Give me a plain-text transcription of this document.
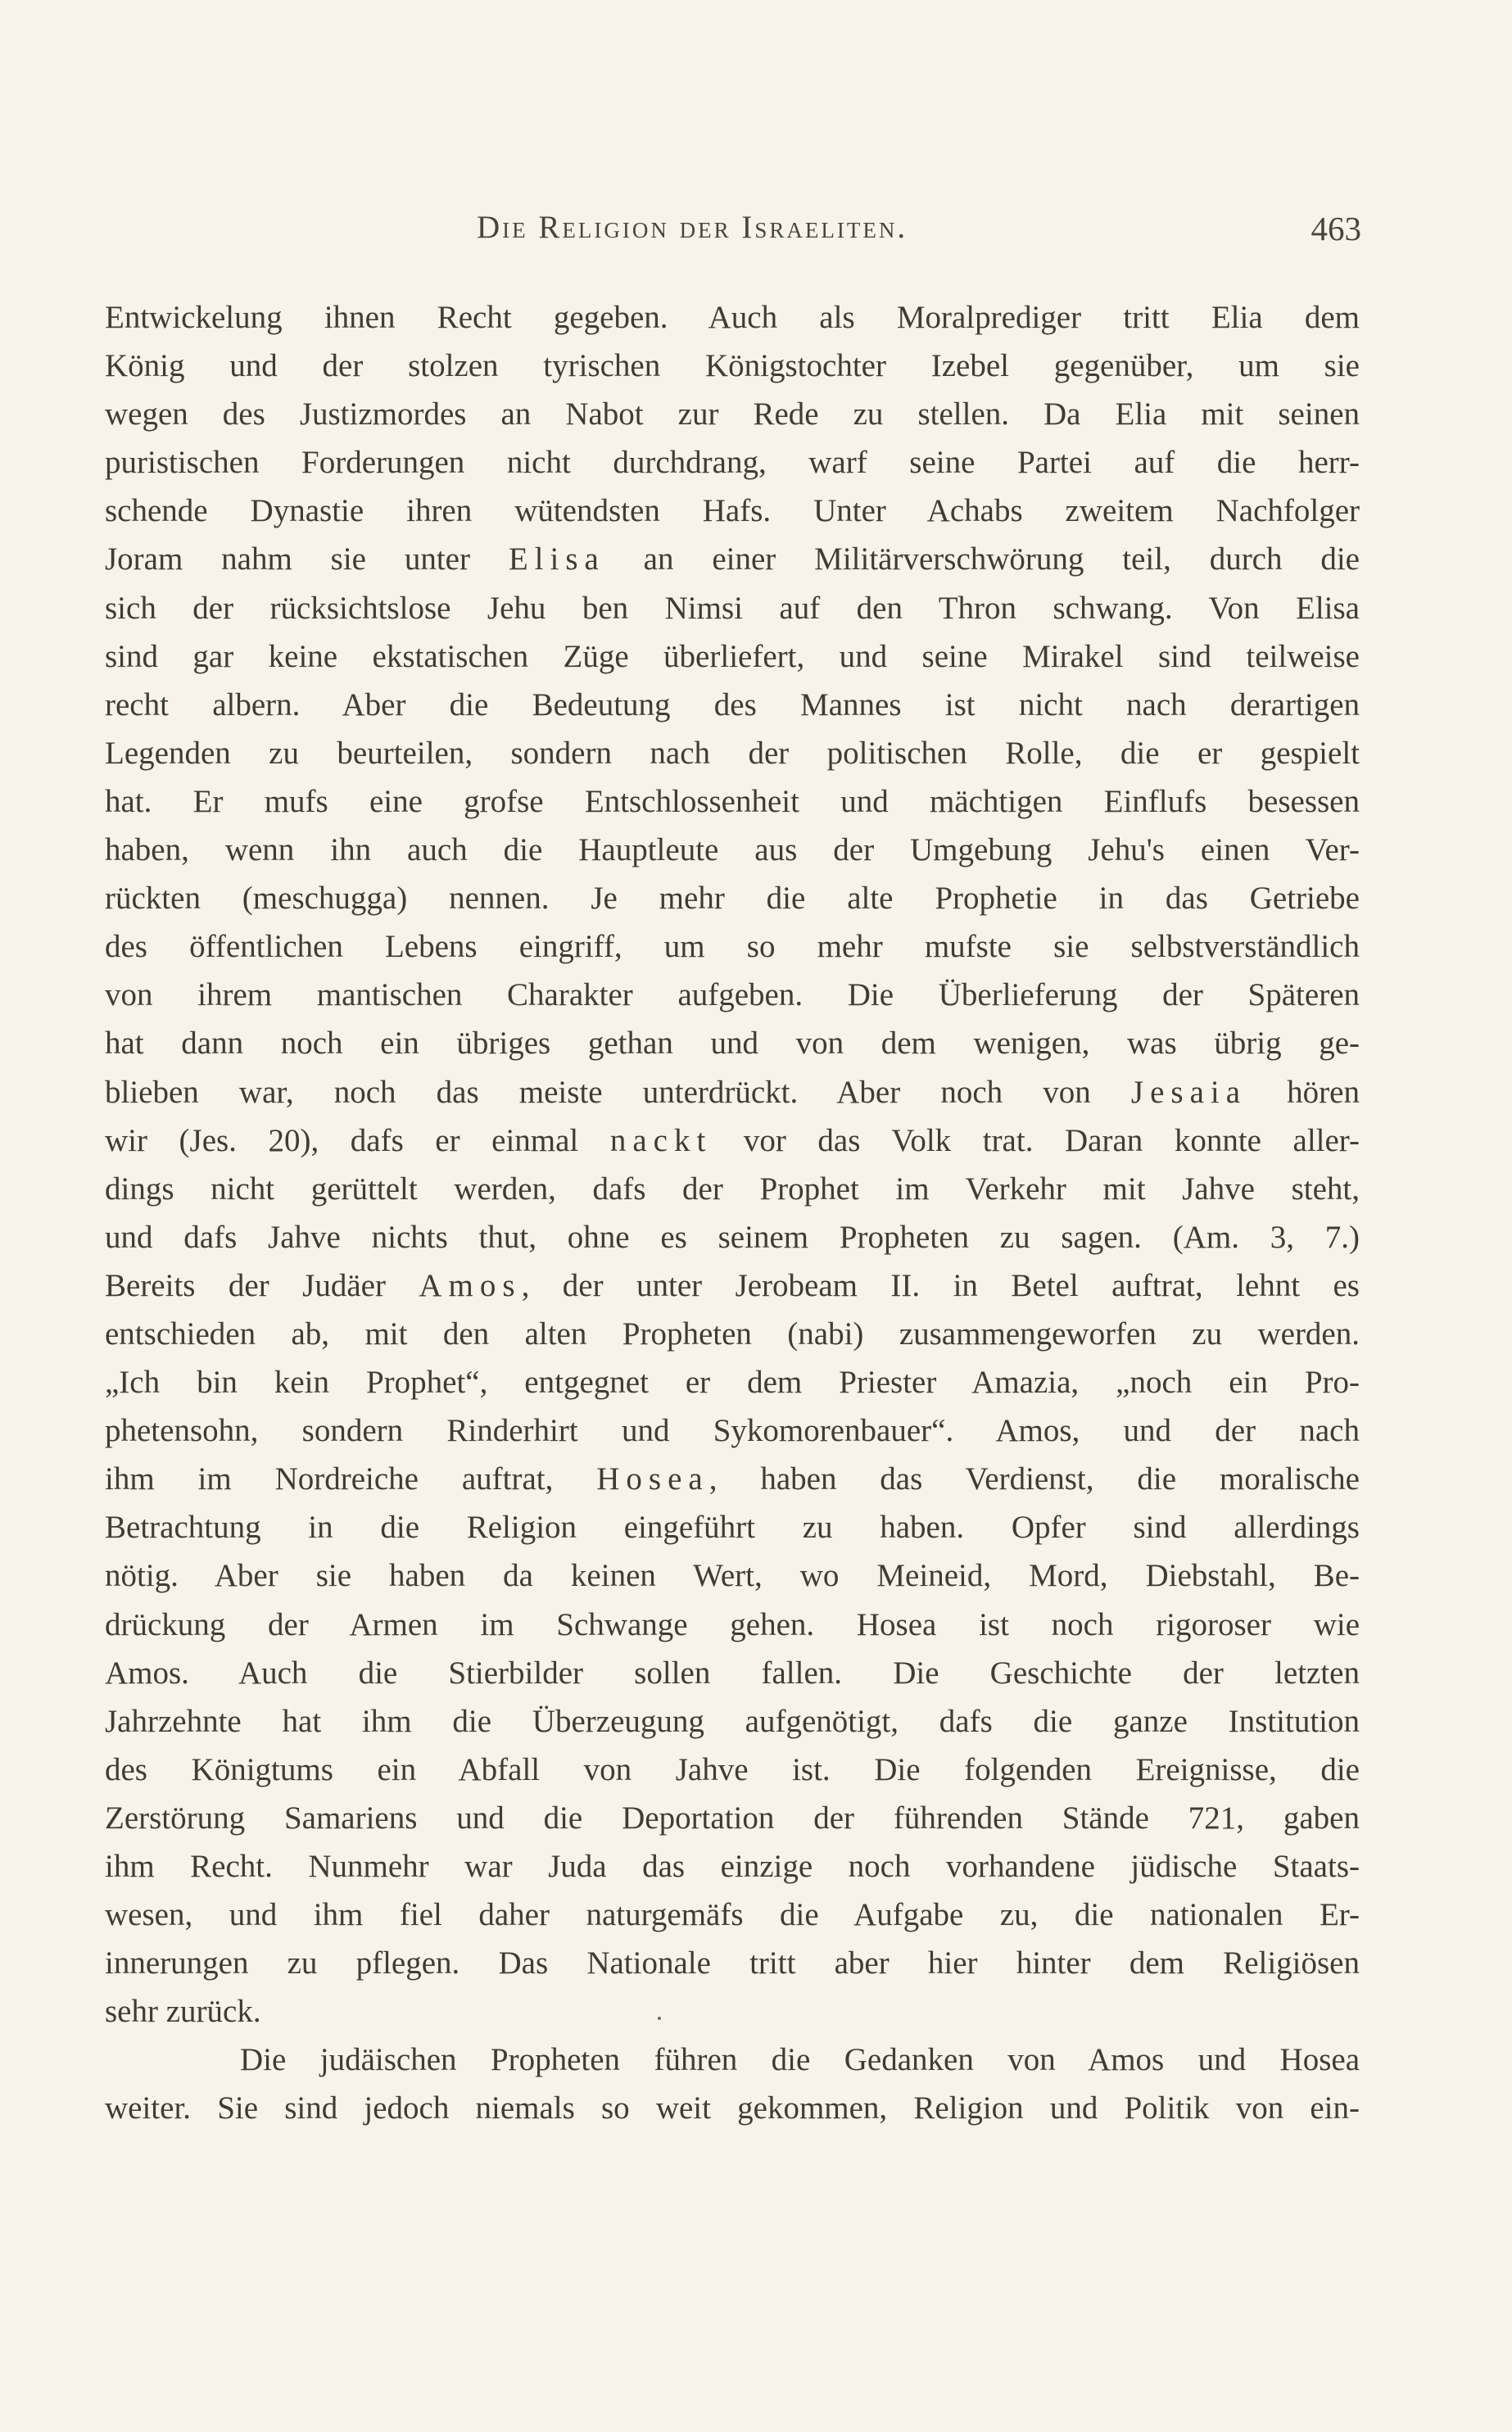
Die Religion der Israeliten.	463
Entwickelung ihnen Recht gegeben. Auch als Moralprediger tritt Elia dem
König und der stolzen tyrischen Königstochter Izebel gegenüber, um sie
wegen des Justizmordes an Nabot zur Rede zu stellen. Da Elia mit seinen
puristischen Forderungen nicht durchdrang, warf seine Partei auf die herr-
schende Dynastie ihren wütendsten Hafs. Unter Achabs zweitem Nachfolger
Joram nahm sie unter Elisa an einer Militärverschwörung teil, durch die
sich der rücksichtslose Jehu ben Nimsi auf den Thron schwang. Von Elisa
sind gar keine ekstatischen Züge überliefert, und seine Mirakel sind teilweise
recht albern. Aber die Bedeutung des Mannes ist nicht nach derartigen
Legenden zu beurteilen, sondern nach der politischen Rolle, die er gespielt
hat. Er mufs eine grofse Entschlossenheit und mächtigen Einflufs besessen
haben, wenn ihn auch die Hauptleute aus der Umgebung Jehu's einen Ver-
rückten (meschugga) nennen. Je mehr die alte Prophetie in das Getriebe
des öffentlichen Lebens eingriff, um so mehr mufste sie selbstverständlich
von ihrem mantischen Charakter aufgeben. Die Überlieferung der Späteren
hat dann noch ein übriges gethan und von dem wenigen, was übrig ge-
blieben war, noch das meiste unterdrückt. Aber noch von Jesaia hören
wir (Jes. 20), dafs er einmal nackt vor das Volk trat. Daran konnte aller-
dings nicht gerüttelt werden, dafs der Prophet im Verkehr mit Jahve steht,
und dafs Jahve nichts thut, ohne es seinem Propheten zu sagen. (Am. 3, 7.)
Bereits der Judäer Amos, der unter Jerobeam II. in Betel auftrat, lehnt es
entschieden ab, mit den alten Propheten (nabi) zusammengeworfen zu werden.
„Ich bin kein Prophet“, entgegnet er dem Priester Amazia, „noch ein Pro-
phetensohn, sondern Rinderhirt und Sykomorenbauer“. Amos, und der nach
ihm im Nordreiche auftrat, Hosea, haben das Verdienst, die moralische
Betrachtung in die Religion eingeführt zu haben. Opfer sind allerdings
nötig. Aber sie haben da keinen Wert, wo Meineid, Mord, Diebstahl, Be-
drückung der Armen im Schwange gehen. Hosea ist noch rigoroser wie
Amos. Auch die Stierbilder sollen fallen. Die Geschichte der letzten
Jahrzehnte hat ihm die Überzeugung aufgenötigt, dafs die ganze Institution
des Königtums ein Abfall von Jahve ist. Die folgenden Ereignisse, die
Zerstörung Samariens und die Deportation der führenden Stände 721, gaben
ihm Recht. Nunmehr war Juda das einzige noch vorhandene jüdische Staats-
wesen, und ihm fiel daher naturgemäfs die Aufgabe zu, die nationalen Er-
innerungen zu pflegen. Das Nationale tritt aber hier hinter dem Religiösen
sehr zurück.
Die judäischen Propheten führen die Gedanken von Amos und Hosea
weiter. Sie sind jedoch niemals so weit gekommen, Religion und Politik von ein-
